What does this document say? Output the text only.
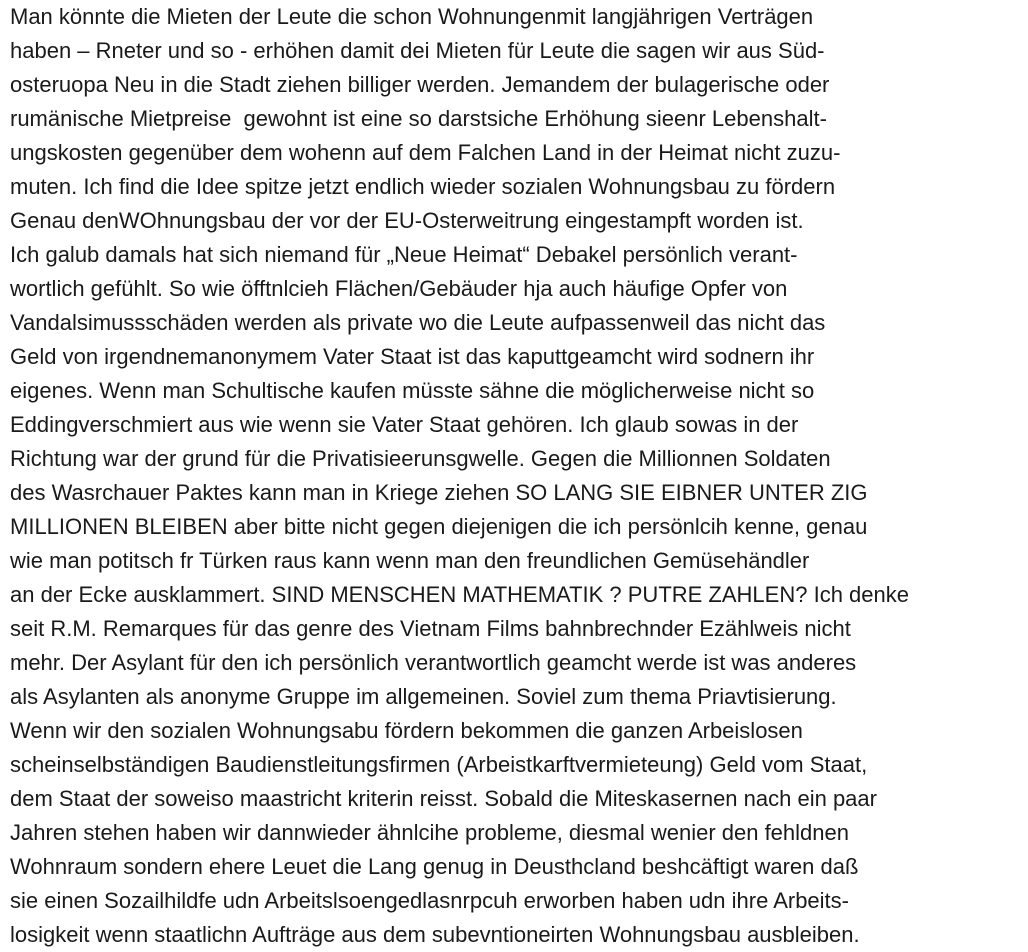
Man könnte die Mieten der Leute die schon Wohnungenmit langjährigen Verträgen
haben – Rneter und so - erhöhen damit dei Mieten für Leute die sagen wir aus Süd-
osteruopa Neu in die Stadt ziehen billiger werden. Jemandem der bulagerische oder
rumänische Mietpreise  gewohnt ist eine so darstsiche Erhöhung sieenr Lebenshalt-
ungskosten gegenüber dem wohenn auf dem Falchen Land in der Heimat nicht zuzu-
muten. Ich find die Idee spitze jetzt endlich wieder sozialen Wohnungsbau zu fördern
Genau denWOhnungsbau der vor der EU-Osterweitrung eingestampft worden ist.
Ich galub damals hat sich niemand für „Neue Heimat“ Debakel persönlich verant-
wortlich gefühlt. So wie öfftnlcieh Flächen/Gebäuder hja auch häufige Opfer von
Vandalsimussschäden werden als private wo die Leute aufpassenweil das nicht das
Geld von irgendnemanonymem Vater Staat ist das kaputtgeamcht wird sodnern ihr
eigenes. Wenn man Schultische kaufen müsste sähne die möglicherweise nicht so
Eddingverschmiert aus wie wenn sie Vater Staat gehören. Ich glaub sowas in der
Richtung war der grund für die Privatisieerunsgwelle. Gegen die Millionnen Soldaten
des Wasrchauer Paktes kann man in Kriege ziehen SO LANG SIE EIBNER UNTER ZIG
MILLIONEN BLEIBEN aber bitte nicht gegen diejenigen die ich persönlcih kenne, genau
wie man potitsch fr Türken raus kann wenn man den freundlichen Gemüsehändler
an der Ecke ausklammert. SIND MENSCHEN MATHEMATIK ? PUTRE ZAHLEN? Ich denke
seit R.M. Remarques für das genre des Vietnam Films bahnbrechnder Ezählweis nicht
mehr. Der Asylant für den ich persönlich verantwortlich geamcht werde ist was anderes
als Asylanten als anonyme Gruppe im allgemeinen. Soviel zum thema Priavtisierung.
Wenn wir den sozialen Wohnungsabu fördern bekommen die ganzen Arbeislosen
scheinselbständigen Baudienstleitungsfirmen (Arbeistkarftvermieteung) Geld vom Staat,
dem Staat der soweiso maastricht kriterin reisst. Sobald die Miteskasernen nach ein paar
Jahren stehen haben wir dannwieder ähnlcihe probleme, diesmal wenier den fehldnen
Wohnraum sondern ehere Leuet die Lang genug in Deusthcland beshcäftigt waren daß
sie einen Sozailhildfe udn Arbeitslsoengedlasnrpcuh erworben haben udn ihre Arbeits-
losigkeit wenn staatlichn Aufträge aus dem subevntioneirten Wohnungsbau ausbleiben.
